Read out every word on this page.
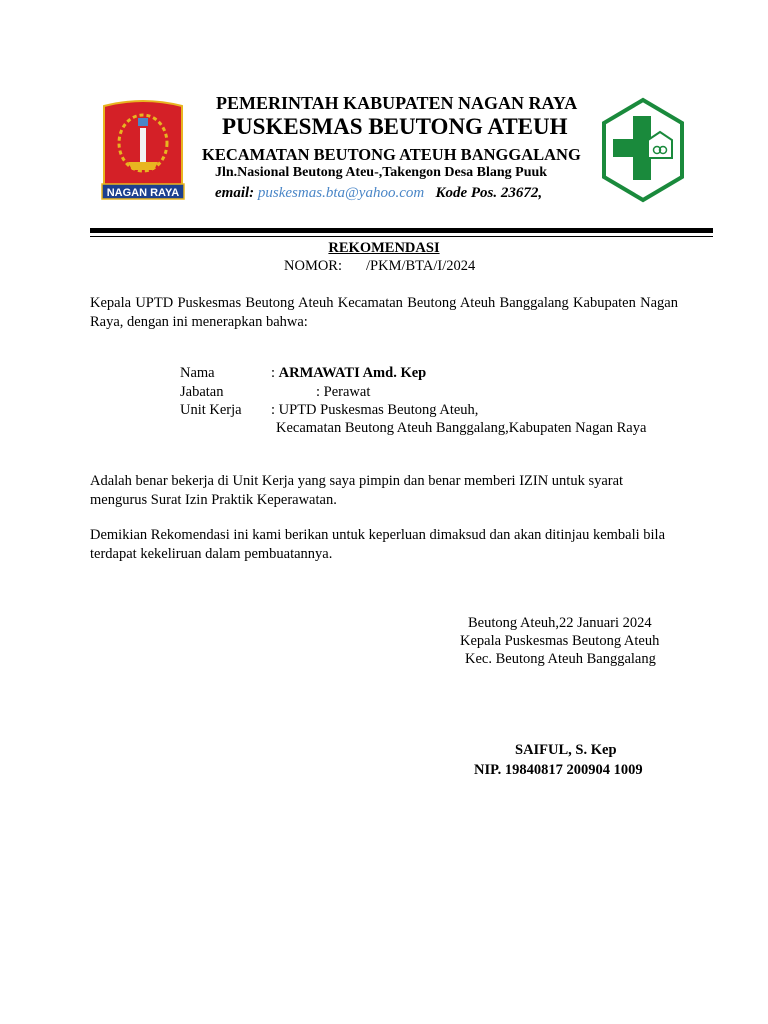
NAGAN RAYA
PEMERINTAH KABUPATEN NAGAN RAYA
PUSKESMAS BEUTONG ATEUH
KECAMATAN BEUTONG ATEUH BANGGALANG
Jln.Nasional Beutong Ateu-,Takengon Desa Blang Puuk
email: puskesmas.bta@yahoo.com Kode Pos. 23672,
REKOMENDASI
NOMOR: /PKM/BTA/I/2024
Kepala UPTD Puskesmas Beutong Ateuh Kecamatan Beutong Ateuh Banggalang Kabupaten Nagan Raya, dengan ini menerapkan bahwa:
Nama	: ARMAWATI Amd. Kep
Jabatan	: Perawat
Unit Kerja : UPTD Puskesmas Beutong Ateuh,
Kecamatan Beutong Ateuh Banggalang,Kabupaten Nagan Raya
Adalah benar bekerja di Unit Kerja yang saya pimpin dan benar memberi IZIN untuk syarat mengurus Surat Izin Praktik Keperawatan.
Demikian Rekomendasi ini kami berikan untuk keperluan dimaksud dan akan ditinjau kembali bila terdapat kekeliruan dalam pembuatannya.
Beutong Ateuh,22 Januari 2024
Kepala Puskesmas Beutong Ateuh
Kec. Beutong Ateuh Banggalang
SAIFUL, S. Kep
NIP. 19840817 200904 1009
